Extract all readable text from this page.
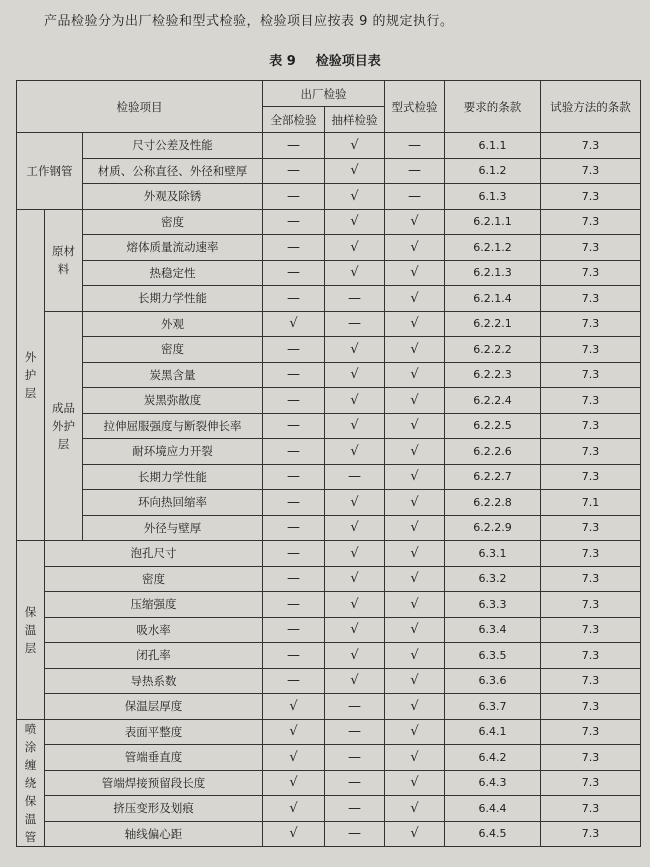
产品检验分为出厂检验和型式检验，检验项目应按表 9 的规定执行。
表 9 检验项目表
检验项目			出厂检验		型式检验	要求的条款	试验方法的条款
			全部检验	抽样检验			
工作钢管		尺寸公差及性能	—	√	—	6.1.1	7.3
		材质、公称直径、外径和壁厚	—	√	—	6.1.2	7.3
		外观及除锈	—	√	—	6.1.3	7.3
外护层	原材料	密度	—	√	√	6.2.1.1	7.3
		熔体质量流动速率	—	√	√	6.2.1.2	7.3
		热稳定性	—	√	√	6.2.1.3	7.3
		长期力学性能	—	—	√	6.2.1.4	7.3
	成品外护层	外观	√	—	√	6.2.2.1	7.3
		密度	—	√	√	6.2.2.2	7.3
		炭黑含量	—	√	√	6.2.2.3	7.3
		炭黑弥散度	—	√	√	6.2.2.4	7.3
		拉伸屈服强度与断裂伸长率	—	√	√	6.2.2.5	7.3
		耐环境应力开裂	—	√	√	6.2.2.6	7.3
		长期力学性能	—	—	√	6.2.2.7	7.3
		环向热回缩率	—	√	√	6.2.2.8	7.1
		外径与壁厚	—	√	√	6.2.2.9	7.3
保温层	泡孔尺寸		—	√	√	6.3.1	7.3
	密度		—	√	√	6.3.2	7.3
	压缩强度		—	√	√	6.3.3	7.3
	吸水率		—	√	√	6.3.4	7.3
	闭孔率		—	√	√	6.3.5	7.3
	导热系数		—	√	√	6.3.6	7.3
	保温层厚度		√	—	√	6.3.7	7.3
喷涂缠绕保温管	表面平整度		√	—	√	6.4.1	7.3
	管端垂直度		√	—	√	6.4.2	7.3
	管端焊接预留段长度		√	—	√	6.4.3	7.3
	挤压变形及划痕		√	—	√	6.4.4	7.3
	轴线偏心距		√	—	√	6.4.5	7.3
